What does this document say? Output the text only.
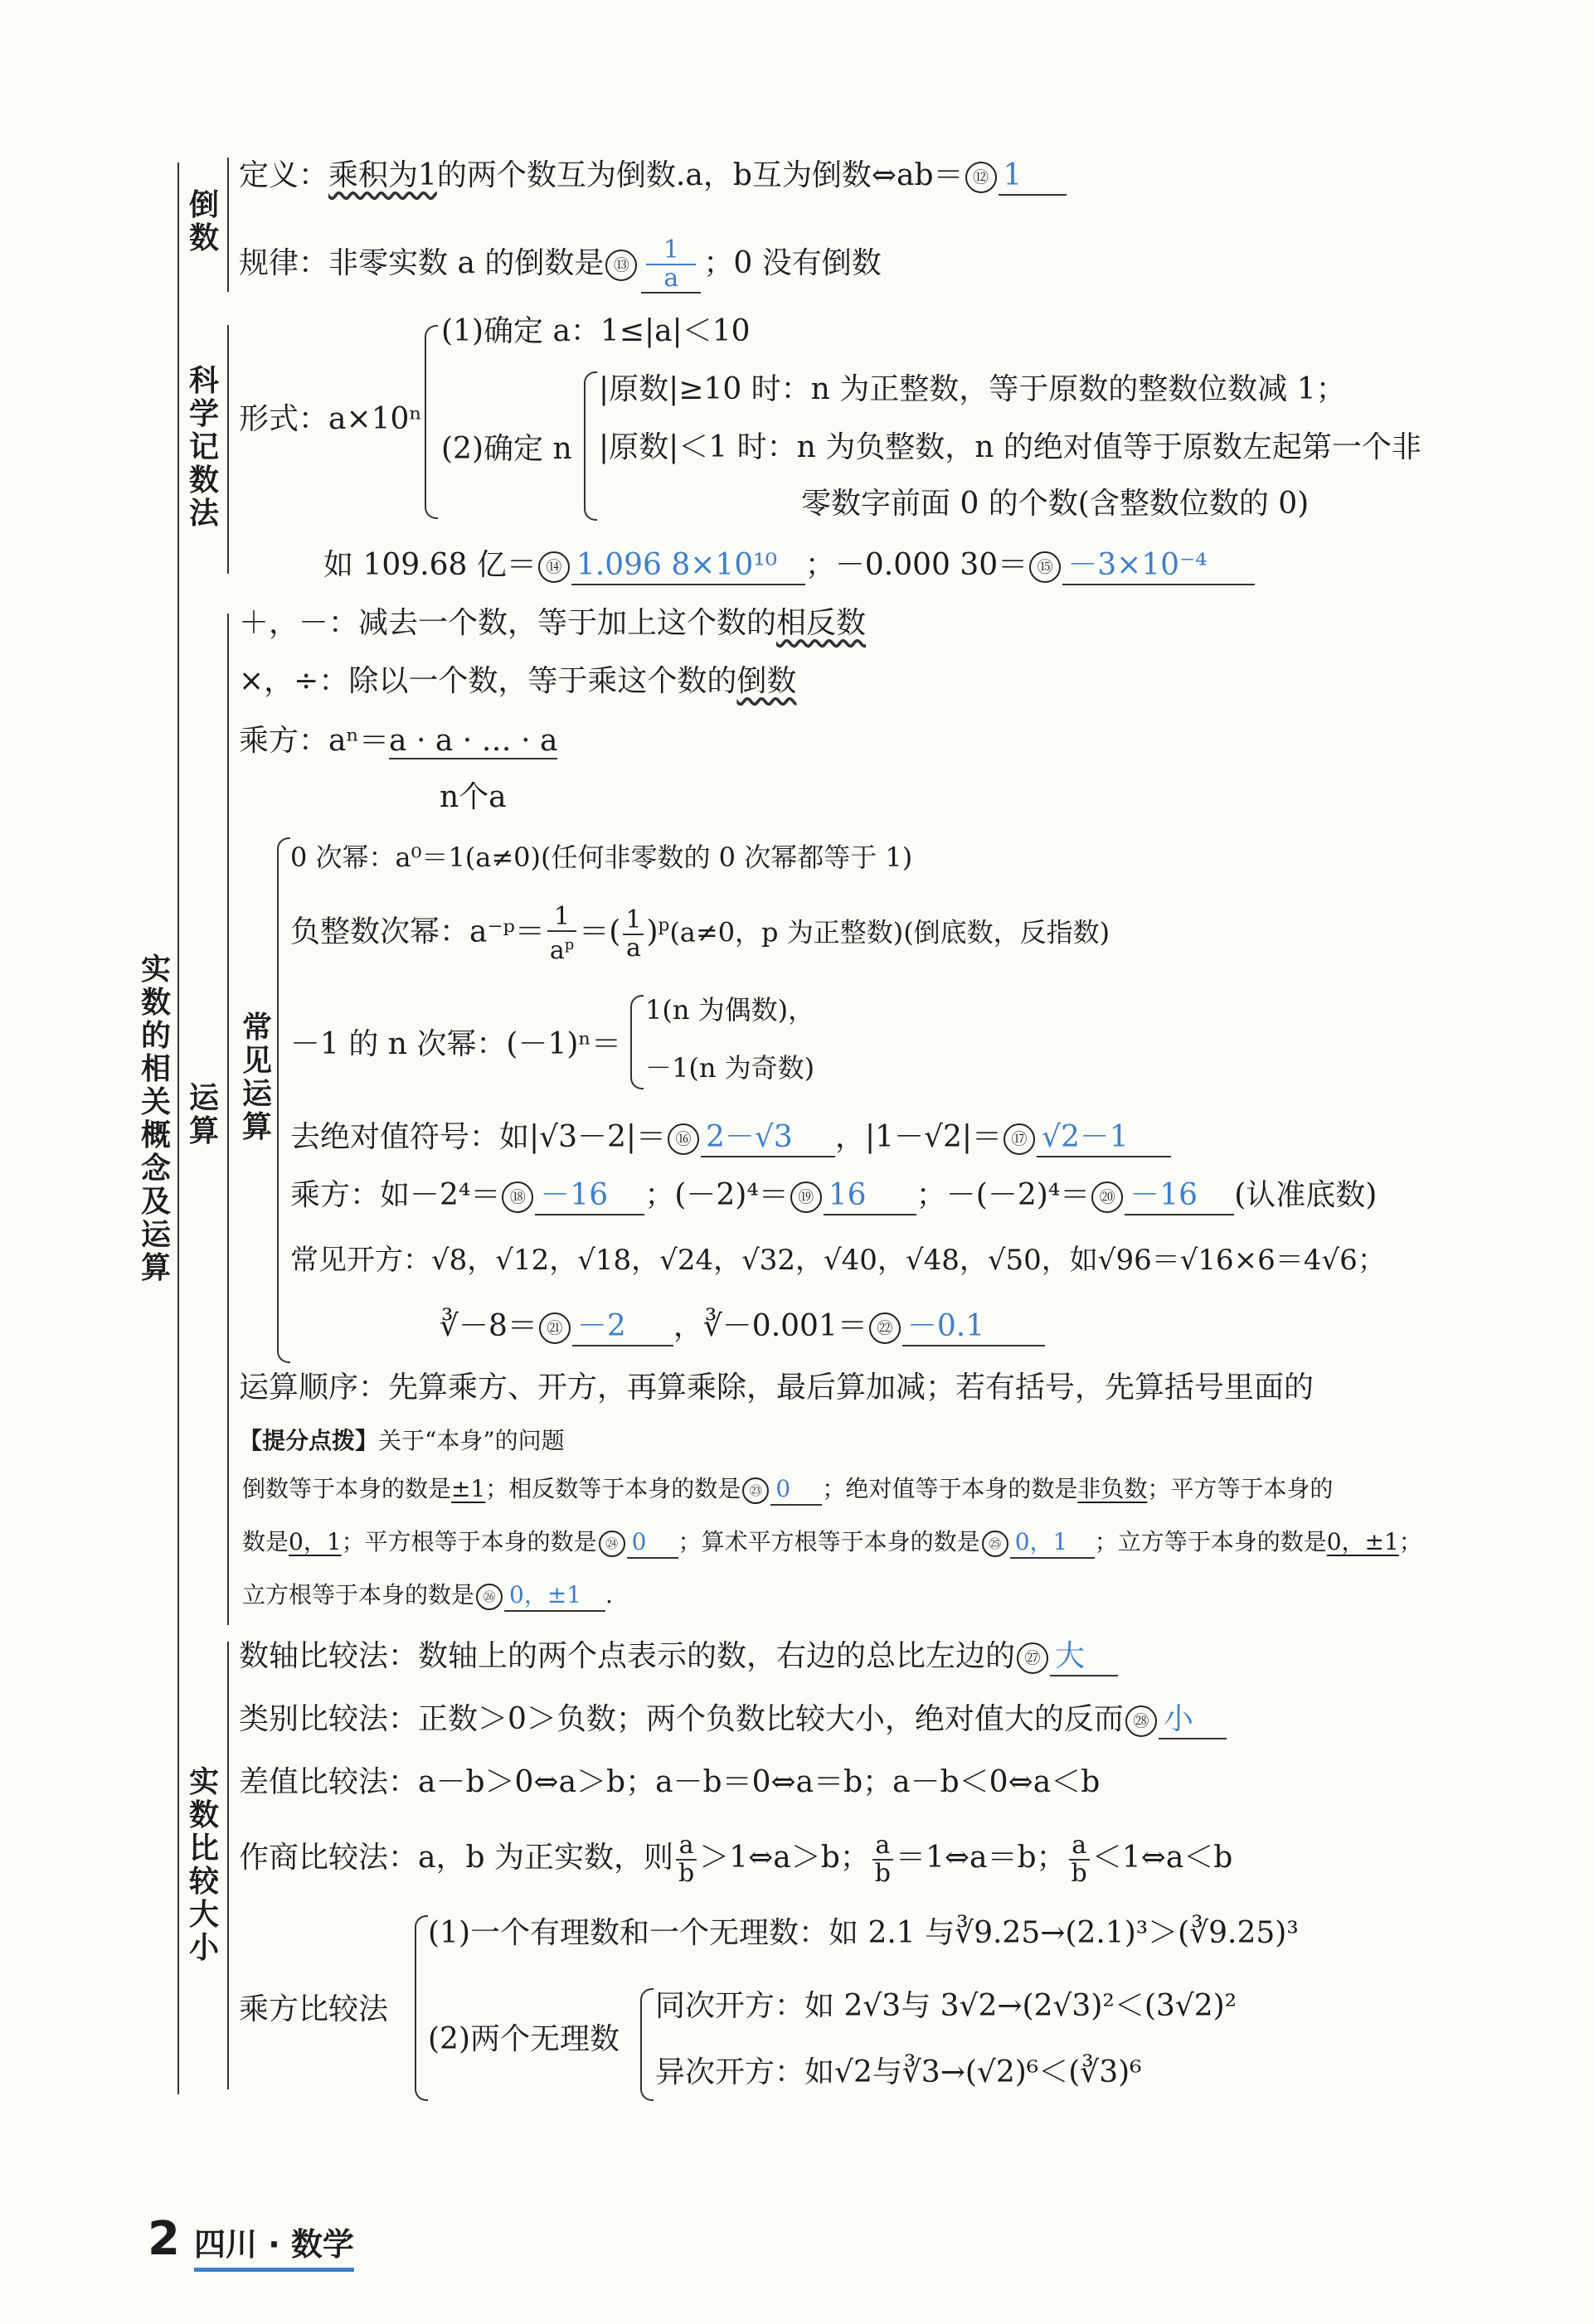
实数的相关概念及运算
倒数
定义：乘积为1的两个数互为倒数.a，b互为倒数⇔ab＝ ⑫ 1
规律：非零实数 a 的倒数是 ⑬ $\frac{1}{a}$ ；0 没有倒数
科学记数法
(1)确定 a：1≤|a|＜10
形式：a×10ⁿ
(2)确定 n
|原数|≥10 时：n 为正整数，等于原数的整数位数减 1；
|原数|＜1 时：n 为负整数，n 的绝对值等于原数左起第一个非
零数字前面 0 的个数(含整数位数的 0)
如 109.68 亿＝ ⑭ 1.096 8×10¹⁰ ；－0.000 30＝ ⑮ －3×10⁻⁴
运算
＋，－：减去一个数，等于加上这个数的相反数
×，÷：除以一个数，等于乘这个数的倒数
乘方：aⁿ＝a · a · … · a
n个a
常见运算
0 次幂：a⁰＝1(a≠0)(任何非零数的 0 次幂都等于 1)
负整数次幂：a⁻ᵖ＝ $\frac{1}{a^p}$ ＝( $\frac{1}{a} )^p(a\ne 0$，p 为正整数)(倒底数，反指数)
－1 的 n 次幂：(－1)ⁿ＝
1(n 为偶数)，
－1(n 为奇数)
去绝对值符号：如|√3－2|＝ ⑯ 2－√3 ，|1－√2|＝ ⑰ √2－1
乘方：如－2⁴＝ ⑱ －16 ；(－2)⁴＝ ⑲ 16 ；－(－2)⁴＝ ⑳ －16 (认准底数)
常见开方：√8，√12，√18，√24，√32，√40，√48，√50，如√96＝√16×6＝4√6；
∛－8＝ ㉑ －2 ，∛－0.001＝ ㉒ －0.1
运算顺序：先算乘方、开方，再算乘除，最后算加减；若有括号，先算括号里面的
【提分点拨】关于“本身”的问题
倒数等于本身的数是±1；相反数等于本身的数是 ㉓ 0 ；绝对值等于本身的数是非负数；平方等于本身的
数是0，1；平方根等于本身的数是 ㉔ 0 ；算术平方根等于本身的数是 ㉕ 0，1 ；立方等于本身的数是0，±1；
立方根等于本身的数是 ㉖ 0，±1 .
实数比较大小
数轴比较法：数轴上的两个点表示的数，右边的总比左边的 ㉗ 大
类别比较法：正数＞0＞负数；两个负数比较大小，绝对值大的反而 ㉘ 小
差值比较法：a－b＞0⇔a＞b；a－b＝0⇔a＝b；a－b＜0⇔a＜b
作商比较法：a，b 为正实数，则 $\frac{a}{b}$ ＞1⇔a＞b； $\frac{a}{b}$ ＝1⇔a＝b； $\frac{a}{b}$ ＜1⇔a＜b
乘方比较法
(1)一个有理数和一个无理数：如 2.1 与∛9.25→(2.1)³＞(∛9.25)³
(2)两个无理数
同次开方：如 2√3与 3√2→(2√3)²＜(3√2)²
异次开方：如√2与∛3→(√2)⁶＜(∛3)⁶
2 四川 · 数学
